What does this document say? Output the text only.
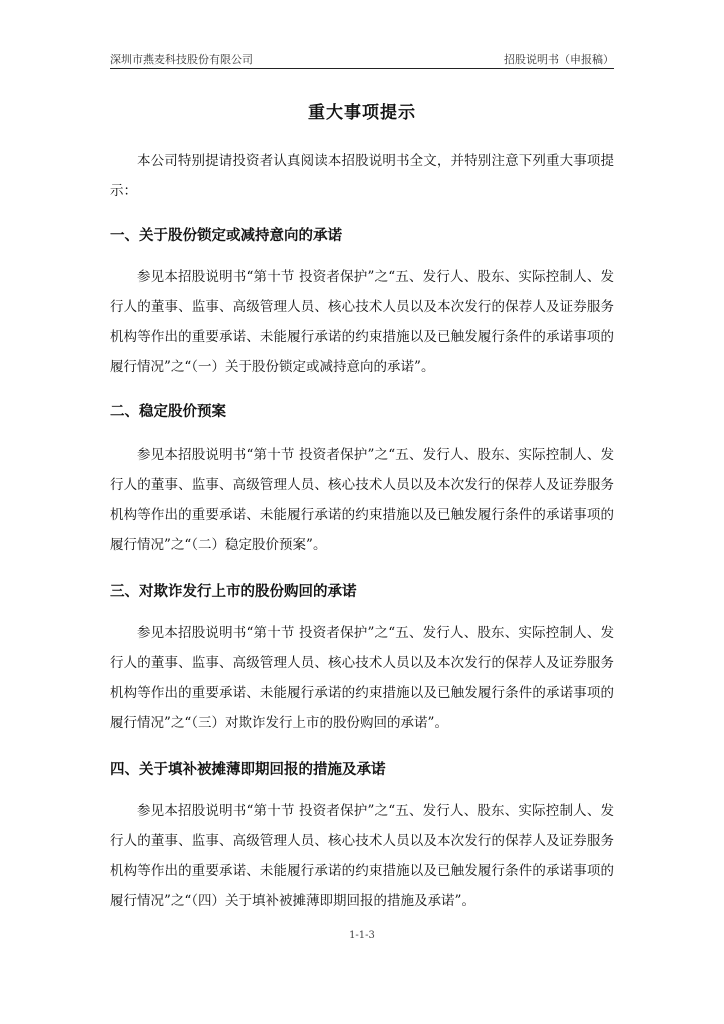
深圳市燕麦科技股份有限公司	招股说明书（申报稿）
重大事项提示
本公司特别提请投资者认真阅读本招股说明书全文，并特别注意下列重大事项提示：
一、关于股份锁定或减持意向的承诺
参见本招股说明书“第十节 投资者保护”之“五、发行人、股东、实际控制人、发行人的董事、监事、高级管理人员、核心技术人员以及本次发行的保荐人及证券服务机构等作出的重要承诺、未能履行承诺的约束措施以及已触发履行条件的承诺事项的履行情况”之“（一）关于股份锁定或减持意向的承诺”。
二、稳定股价预案
参见本招股说明书“第十节 投资者保护”之“五、发行人、股东、实际控制人、发行人的董事、监事、高级管理人员、核心技术人员以及本次发行的保荐人及证券服务机构等作出的重要承诺、未能履行承诺的约束措施以及已触发履行条件的承诺事项的履行情况”之“（二）稳定股价预案”。
三、对欺诈发行上市的股份购回的承诺
参见本招股说明书“第十节 投资者保护”之“五、发行人、股东、实际控制人、发行人的董事、监事、高级管理人员、核心技术人员以及本次发行的保荐人及证券服务机构等作出的重要承诺、未能履行承诺的约束措施以及已触发履行条件的承诺事项的履行情况”之“（三）对欺诈发行上市的股份购回的承诺”。
四、关于填补被摊薄即期回报的措施及承诺
参见本招股说明书“第十节 投资者保护”之“五、发行人、股东、实际控制人、发行人的董事、监事、高级管理人员、核心技术人员以及本次发行的保荐人及证券服务机构等作出的重要承诺、未能履行承诺的约束措施以及已触发履行条件的承诺事项的履行情况”之“（四）关于填补被摊薄即期回报的措施及承诺”。
1-1-3
